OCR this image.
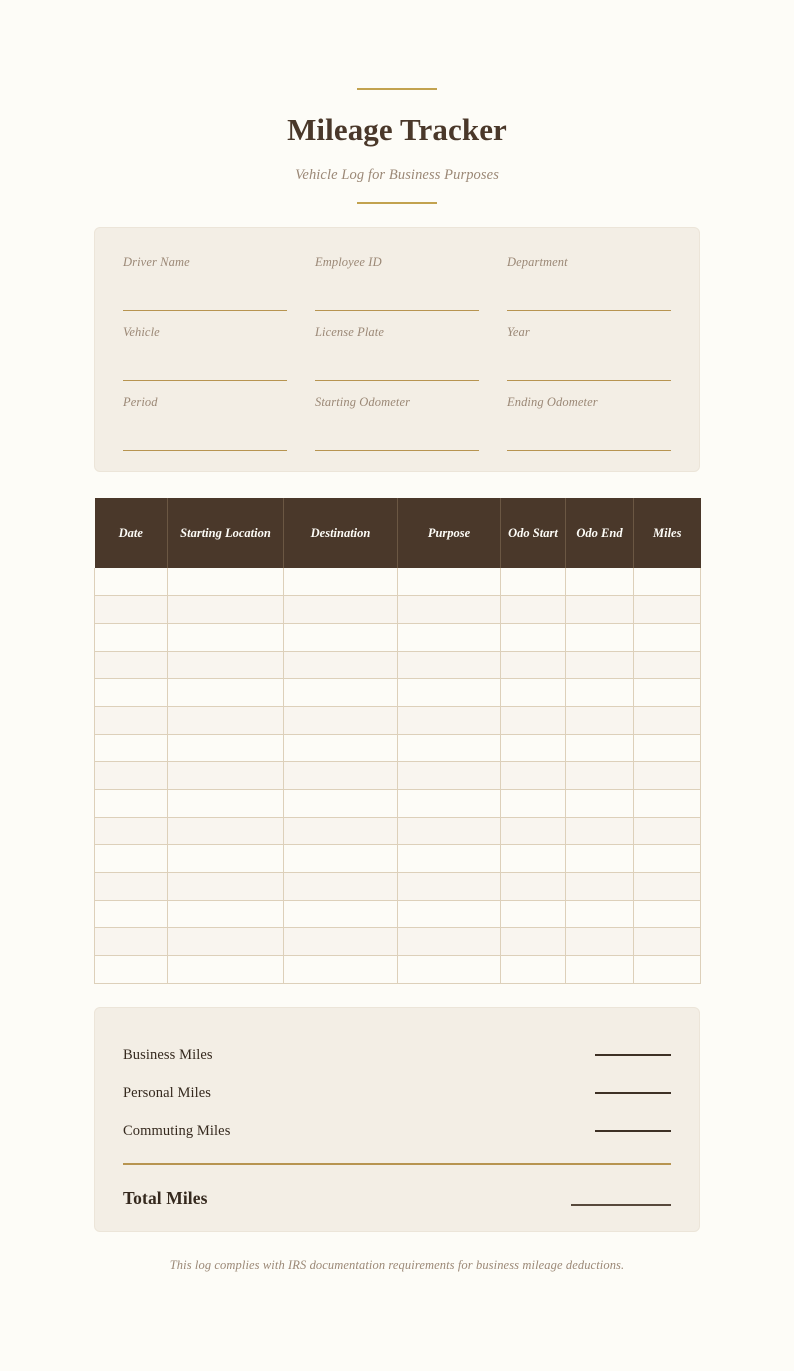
Mileage Tracker
Vehicle Log for Business Purposes
Driver Name	Employee ID	Department
Vehicle	License Plate	Year
Period	Starting Odometer	Ending Odometer
Date	Starting Location	Destination	Purpose	Odo Start	Odo End	Miles

Business Miles
Personal Miles
Commuting Miles
Total Miles
This log complies with IRS documentation requirements for business mileage deductions.
